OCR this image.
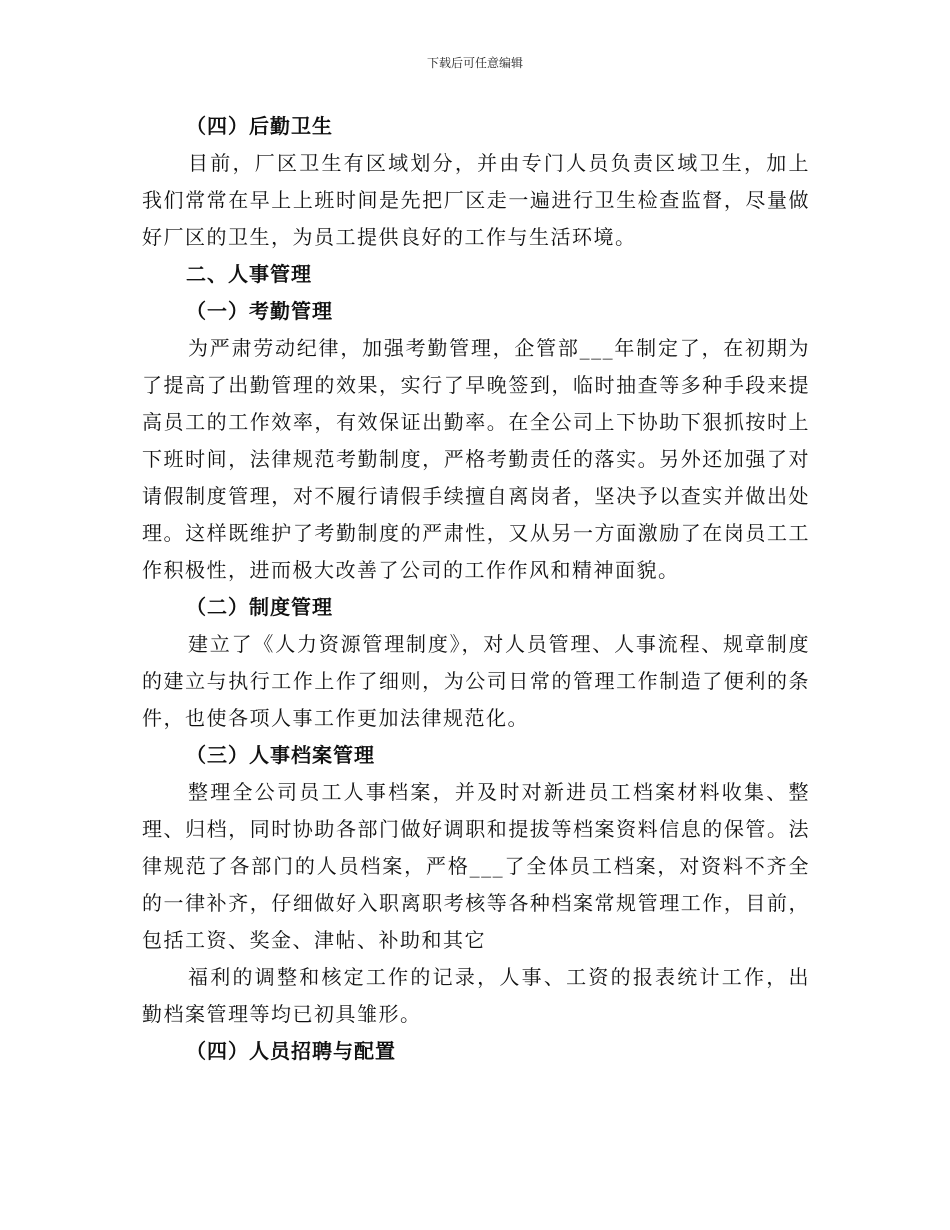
下载后可任意编辑

（四）后勤卫生

目前，厂区卫生有区域划分，并由专门人员负责区域卫生，加上我们常常在早上上班时间是先把厂区走一遍进行卫生检查监督，尽量做好厂区的卫生，为员工提供良好的工作与生活环境。

二、人事管理

（一）考勤管理

为严肃劳动纪律，加强考勤管理，企管部___年制定了，在初期为了提高了出勤管理的效果，实行了早晚签到，临时抽查等多种手段来提高员工的工作效率，有效保证出勤率。在全公司上下协助下狠抓按时上下班时间，法律规范考勤制度，严格考勤责任的落实。另外还加强了对请假制度管理，对不履行请假手续擅自离岗者，坚决予以查实并做出处理。这样既维护了考勤制度的严肃性，又从另一方面激励了在岗员工工作积极性，进而极大改善了公司的工作作风和精神面貌。

（二）制度管理

建立了《人力资源管理制度》，对人员管理、人事流程、规章制度的建立与执行工作上作了细则，为公司日常的管理工作制造了便利的条件，也使各项人事工作更加法律规范化。

（三）人事档案管理

整理全公司员工人事档案，并及时对新进员工档案材料收集、整理、归档，同时协助各部门做好调职和提拔等档案资料信息的保管。法律规范了各部门的人员档案，严格___了全体员工档案，对资料不齐全的一律补齐，仔细做好入职离职考核等各种档案常规管理工作，目前，包括工资、奖金、津帖、补助和其它

福利的调整和核定工作的记录，人事、工资的报表统计工作，出勤档案管理等均已初具雏形。

（四）人员招聘与配置
